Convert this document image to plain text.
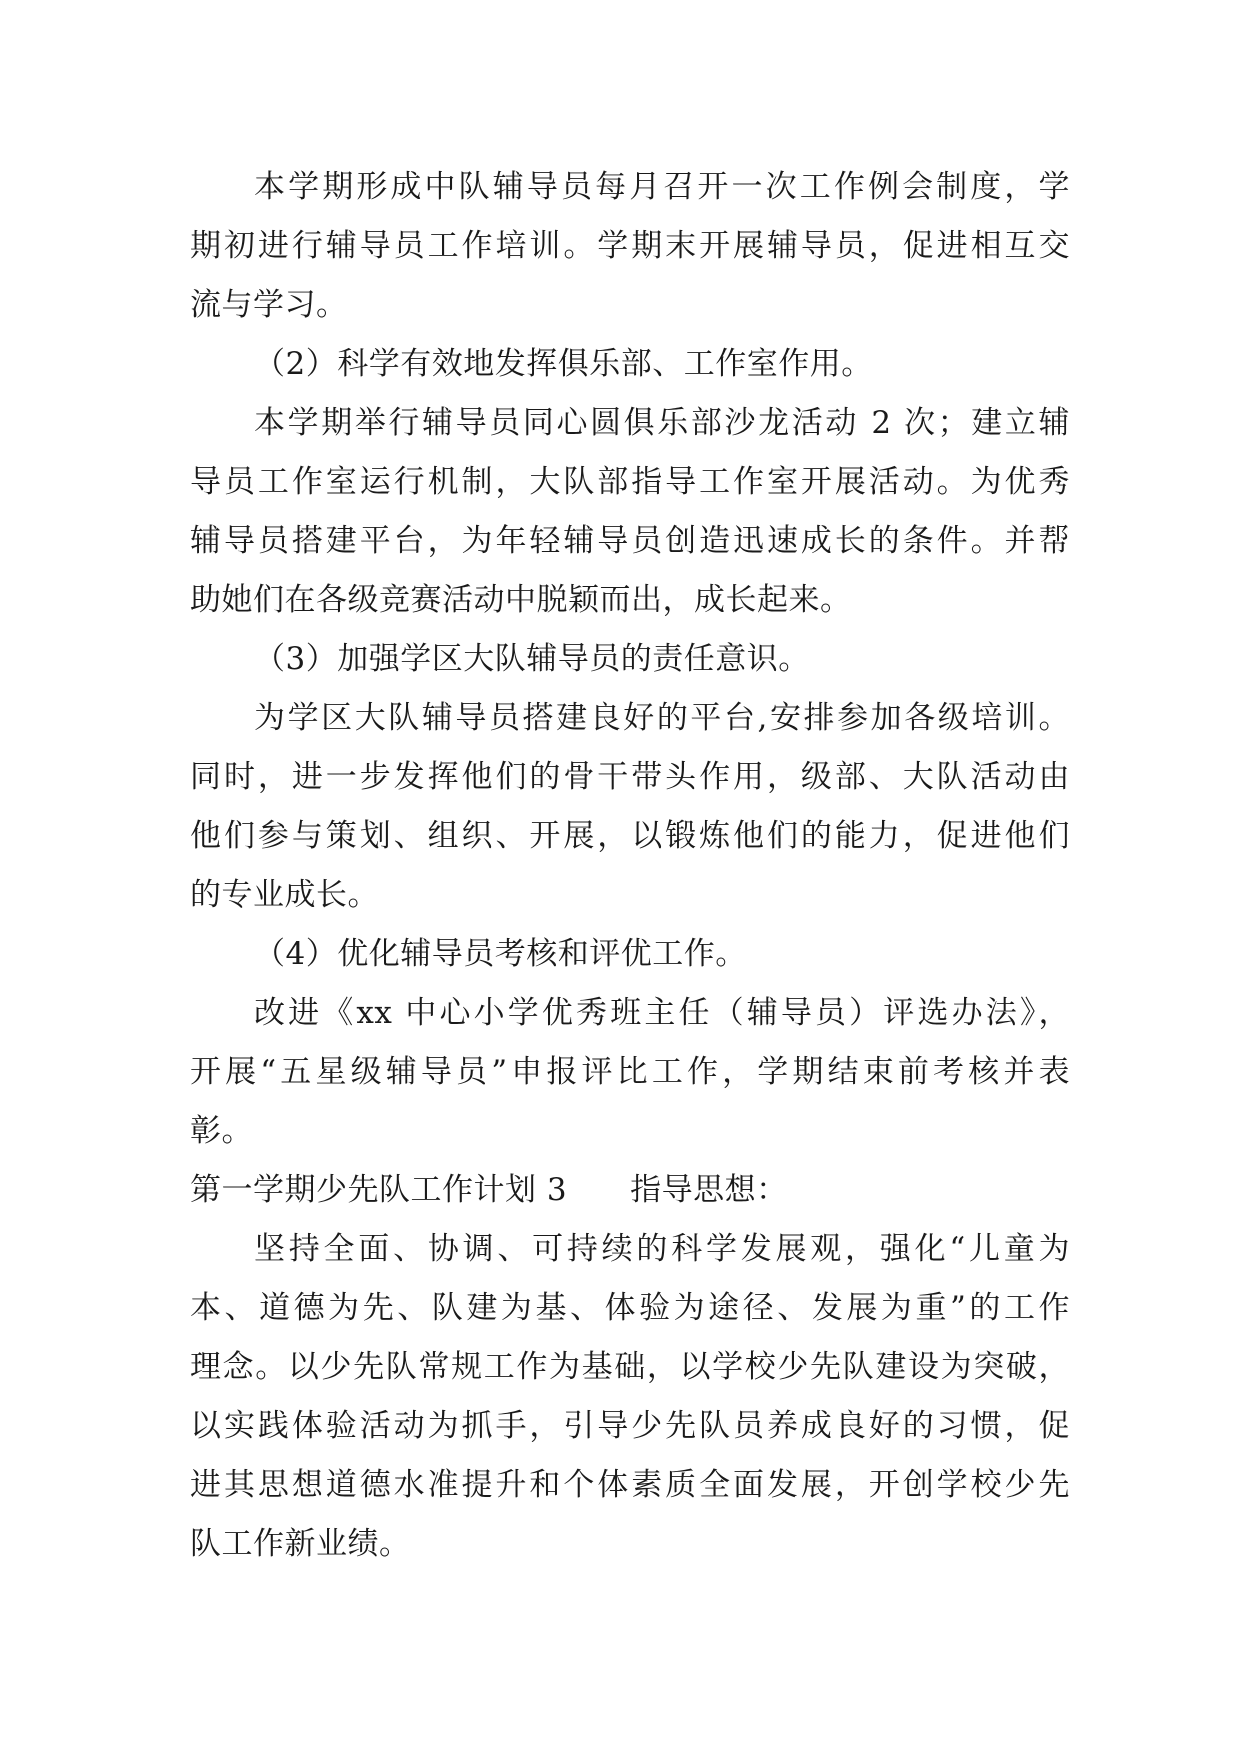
本学期形成中队辅导员每月召开一次工作例会制度，学
期初进行辅导员工作培训。学期末开展辅导员，促进相互交
流与学习。
（2）科学有效地发挥俱乐部、工作室作用。
本学期举行辅导员同心圆俱乐部沙龙活动 2 次；建立辅
导员工作室运行机制，大队部指导工作室开展活动。为优秀
辅导员搭建平台，为年轻辅导员创造迅速成长的条件。并帮
助她们在各级竞赛活动中脱颖而出，成长起来。
（3）加强学区大队辅导员的责任意识。
为学区大队辅导员搭建良好的平台,安排参加各级培训。
同时，进一步发挥他们的骨干带头作用，级部、大队活动由
他们参与策划、组织、开展，以锻炼他们的能力，促进他们
的专业成长。
（4）优化辅导员考核和评优工作。
改进《xx 中心小学优秀班主任（辅导员）评选办法》，
开展“五星级辅导员”申报评比工作，学期结束前考核并表
彰。
第一学期少先队工作计划 3　　指导思想：
坚持全面、协调、可持续的科学发展观，强化“儿童为
本、道德为先、队建为基、体验为途径、发展为重”的工作
理念。以少先队常规工作为基础，以学校少先队建设为突破，
以实践体验活动为抓手，引导少先队员养成良好的习惯，促
进其思想道德水准提升和个体素质全面发展，开创学校少先
队工作新业绩。
